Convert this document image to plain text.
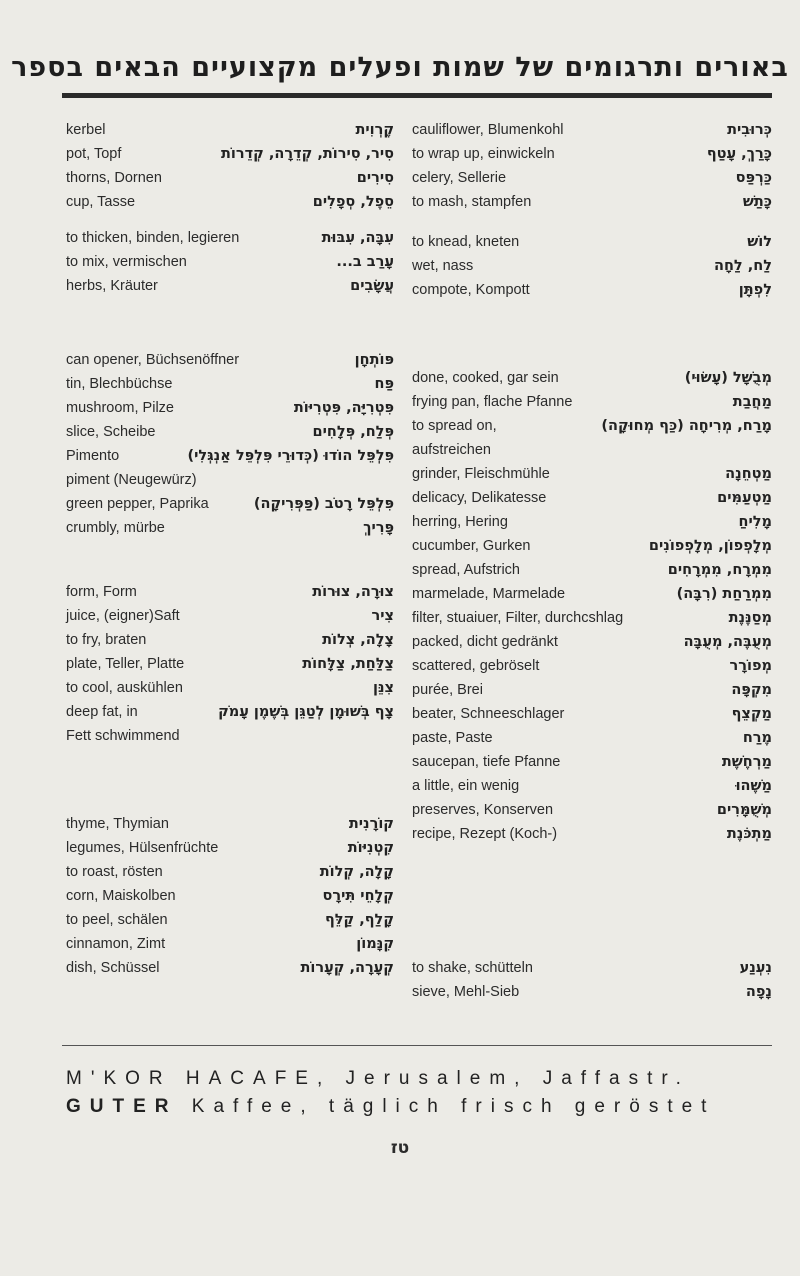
באורים ותרגומים של שמות ופעלים מקצועיים הבאים בספר
kerbel	קֶרְוִית
pot, Topf	סִיר, סִירוֹת, קְדֵרָה, קְדֵרוֹת
thorns, Dornen	סִירִים
cup, Tasse	סֵפֶל, סְפָלִים
to thicken, binden, legieren	עִבָּה, עִבּוּת
to mix, vermischen	עָרַב ב...
herbs, Kräuter	עֲשָׂבִים
can opener, Büchsenöffner	פּוֹתְחָן
tin, Blechbüchse	פַּח
mushroom, Pilze	פִּטְרִיָּה, פִּטְרִיּוֹת
slice, Scheibe	פְּלַח, פְּלָחִים
Pimento	פִּלְפֵּל הוֹדוּ (כְּדוּרֵי פִּלְפֵּל אַנְגְּלִי)
piment (Neugewürz)
green pepper, Paprika	פִּלְפֵּל רָטֹב (פַּפְּרִיקָה)
crumbly, mürbe	פָּרִיךְ
form, Form	צוּרָה, צוּרוֹת
juice, (eigner)Saft	צִיר
to fry, braten	צָלָה, צְלוֹת
plate, Teller, Platte	צַלַּחַת, צַלָּחוֹת
to cool, auskühlen	צִנֵּן
deep fat, in	צָף בְּשׁוּמָן לְטַגֵּן בְּשֶׁמֶן עָמֹק
Fett schwimmend
thyme, Thymian	קוֹרָנִית
legumes, Hülsenfrüchte	קִטְנִיּוֹת
to roast, rösten	קָלָה, קְלוֹת
corn, Maiskolben	קְלָחֵי תִּירָס
to peel, schälen	קָלַף, קַלֵּף
cinnamon, Zimt	קִנָּמוֹן
dish, Schüssel	קְעָרָה, קְעָרוֹת
cauliflower, Blumenkohl	כְּרוּבִית
to wrap up, einwickeln	כָּרַךְ, עָטַף
celery, Sellerie	כַּרְפַּס
to mash, stampfen	כָּתַשׁ
to knead, kneten	לוֹשׁ
wet, nass	לַח, לַחָה
compote, Kompott	לִפְתָּן
done, cooked, gar sein	מְבֻשָּׁל (עָשׂוּי)
frying pan, flache Pfanne	מַחֲבַת
to spread on,	מָרַח, מְרִיחָה (כַּף מְחוּקָה)
aufstreichen
grinder, Fleischmühle	מַטְחֵנָה
delicacy, Delikatesse	מַטְעַמִּים
herring, Hering	מָלִיחַ
cucumber, Gurken	מְלָפְפוֹן, מְלָפְפוֹנִים
spread, Aufstrich	מִמְרָח, מִמְרָחִים
marmelade, Marmelade	מִמְרַחַת (רִבָּה)
filter, stuaiuer, Filter, durchcshlag	מְסַנֶּנֶת
packed, dicht gedränkt	מְעֻבֶּה, מְעֻבָּה
scattered, gebröselt	מְפוֹרָר
purée, Brei	מִקְפָּה
beater, Schneeschlager	מַקְצֵף
paste, Paste	מֶרַח
saucepan, tiefe Pfanne	מַרְחֶשֶׁת
a little, ein wenig	מַשֶּׁהוּ
preserves, Konserven	מְשֻׁמָּרִים
recipe, Rezept (Koch-)	מַתְכֹּנֶת
to shake, schütteln	נִעְנַע
sieve, Mehl-Sieb	נָפָה
M'KOR HACAFE, Jerusalem, Jaffastr.
GUTER Kaffee, täglich frisch geröstet
טז
